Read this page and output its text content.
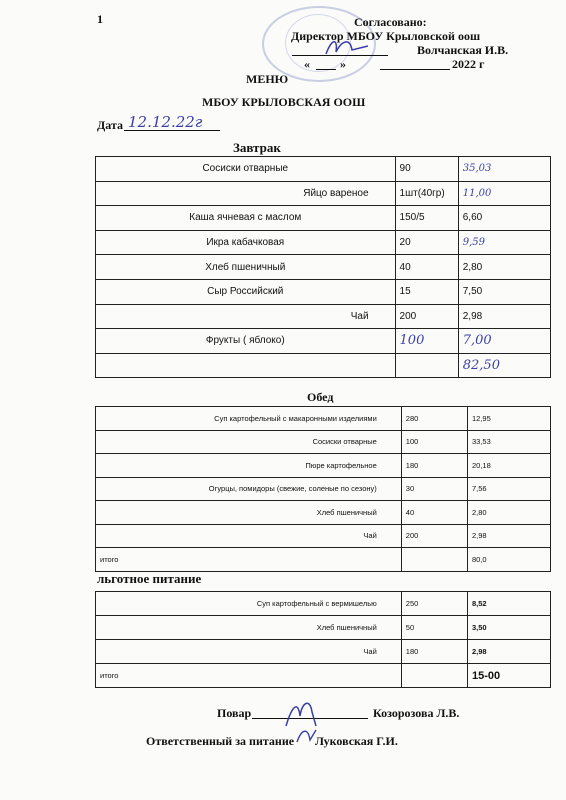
1	Согласовано:
Директор МБОУ Крыловской оош
Волчанская И.В.
«	»	2022 г
МЕНЮ
МБОУ КРЫЛОВСКАЯ ООШ
Дата 12.12.22г
Завтрак
Сосиски отварные	90	35,03
Яйцо вареное	1шт(40гр)	11,00
Каша ячневая с маслом	150/5	6,60
Икра кабачковая	20	9,59
Хлеб пшеничный	40	2,80
Сыр Российский	15	7,50
Чай	200	2,98
Фрукты ( яблоко)	100	7,00
		82,50
Обед
Суп картофельный с макаронными изделиями	280	12,95
Сосиски отварные	100	33,53
Пюре картофельное	180	20,18
Огурцы, помидоры (свежие, соленые по сезону)	30	7,56
Хлеб пшеничный	40	2,80
Чай	200	2,98
итого		80,0
льготное питание
Суп картофельный с вермишелью	250	8,52
Хлеб пшеничный	50	3,50
Чай	180	2,98
итого		15-00
Повар	Козорозова Л.В.
Ответственный за питание Луковская Г.И.
